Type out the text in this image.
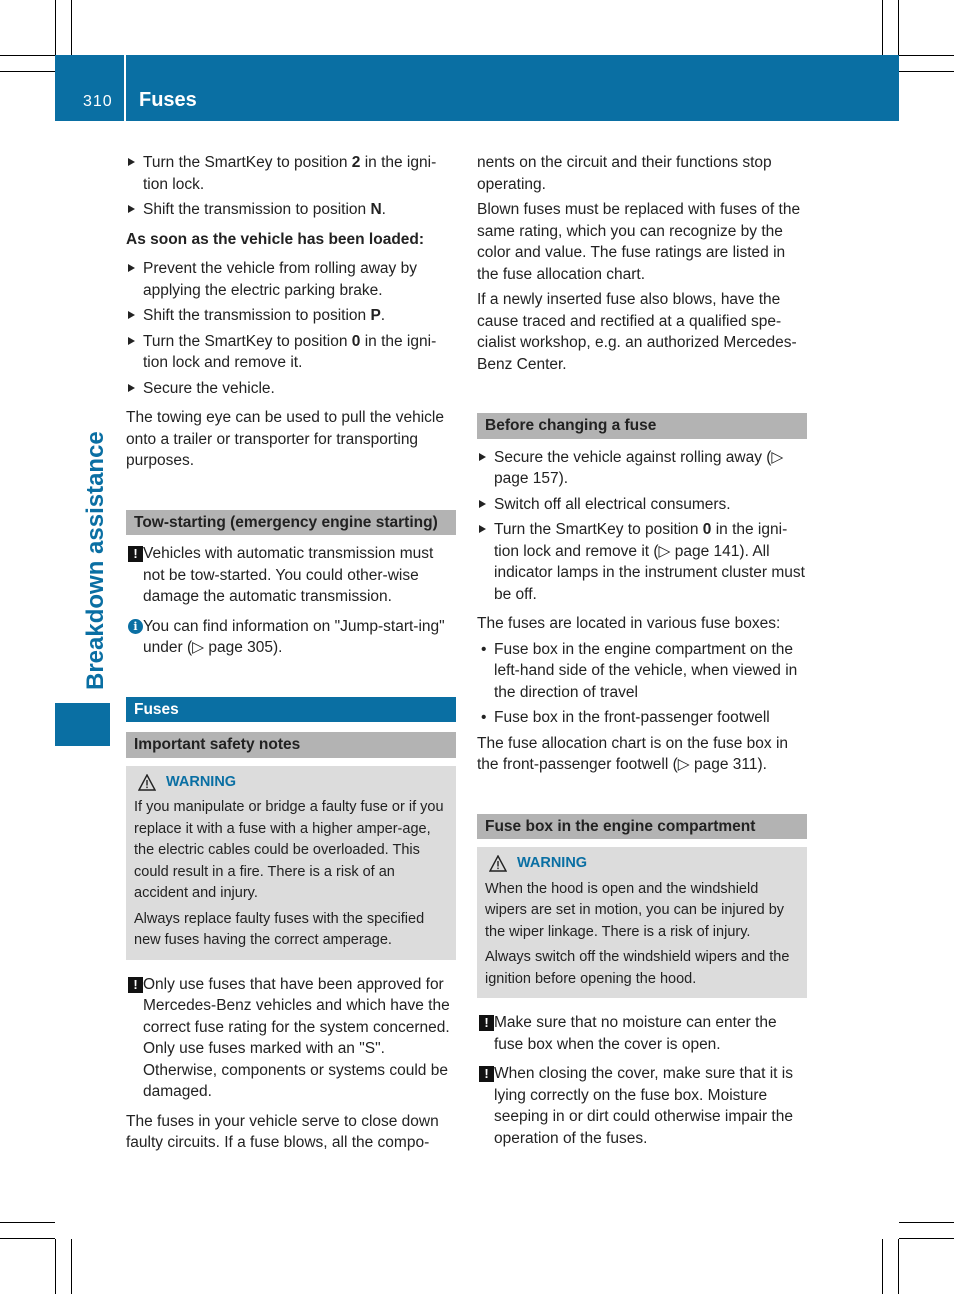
310 Fuses
Breakdown assistance
Turn the SmartKey to position 2 in the igni-tion lock.
Shift the transmission to position N.

As soon as the vehicle has been loaded:

Prevent the vehicle from rolling away by applying the electric parking brake.
Shift the transmission to position P.
Turn the SmartKey to position 0 in the igni-tion lock and remove it.
Secure the vehicle.

The towing eye can be used to pull the vehicle onto a trailer or transporter for transporting purposes.

Tow-starting (emergency engine starting)
! Vehicles with automatic transmission must not be tow-started. You could other-wise damage the automatic transmission.
i You can find information on "Jump-start-ing" under (▷ page 305).
Fuses
Important safety notes
WARNING

If you manipulate or bridge a faulty fuse or if you replace it with a fuse with a higher amper-age, the electric cables could be overloaded. This could result in a fire. There is a risk of an accident and injury.

Always replace faulty fuses with the specified new fuses having the correct amperage.

! Only use fuses that have been approved for Mercedes-Benz vehicles and which have the correct fuse rating for the system concerned. Only use fuses marked with an "S". Otherwise, components or systems could be damaged.

The fuses in your vehicle serve to close down faulty circuits. If a fuse blows, all the compo-

nents on the circuit and their functions stop operating.

Blown fuses must be replaced with fuses of the same rating, which you can recognize by the color and value. The fuse ratings are listed in the fuse allocation chart.

If a newly inserted fuse also blows, have the cause traced and rectified at a qualified spe-cialist workshop, e.g. an authorized Mercedes-Benz Center.

Before changing a fuse
Secure the vehicle against rolling away (▷ page 157).
Switch off all electrical consumers.
Turn the SmartKey to position 0 in the igni-tion lock and remove it (▷ page 141). All indicator lamps in the instrument cluster must be off.

The fuses are located in various fuse boxes:

• Fuse box in the engine compartment on the left-hand side of the vehicle, when viewed in the direction of travel
• Fuse box in the front-passenger footwell

The fuse allocation chart is on the fuse box in the front-passenger footwell (▷ page 311).

Fuse box in the engine compartment
WARNING

When the hood is open and the windshield wipers are set in motion, you can be injured by the wiper linkage. There is a risk of injury.

Always switch off the windshield wipers and the ignition before opening the hood.

! Make sure that no moisture can enter the fuse box when the cover is open.
! When closing the cover, make sure that it is lying correctly on the fuse box. Moisture seeping in or dirt could otherwise impair the operation of the fuses.
